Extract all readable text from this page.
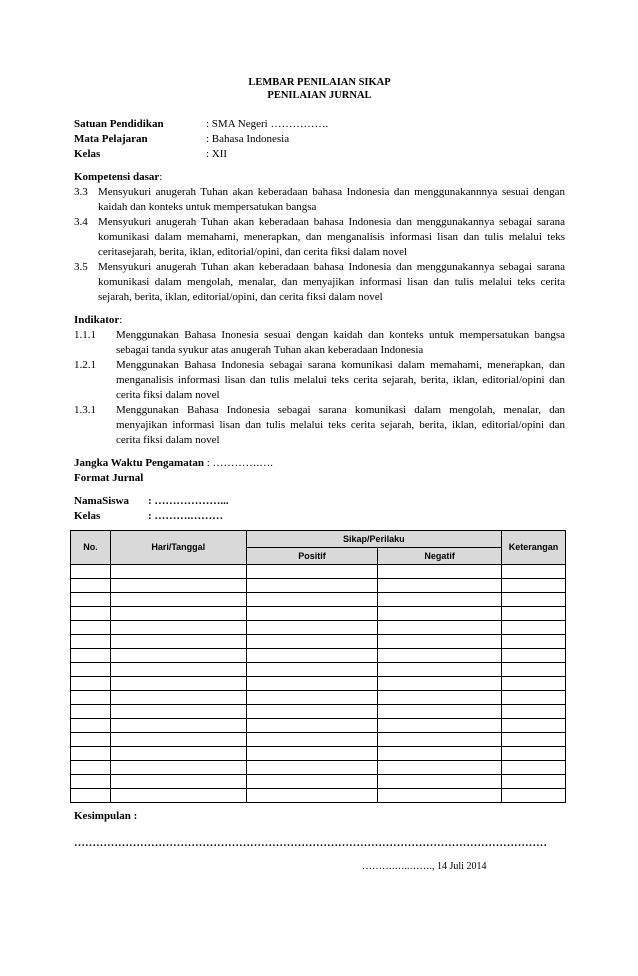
LEMBAR PENILAIAN SIKAP
PENILAIAN JURNAL
Satuan Pendidikan	: SMA Negeri …………….
Mata Pelajaran	: Bahasa Indonesia
Kelas	: XII
Kompetensi dasar:
3.3 Mensyukuri anugerah Tuhan akan keberadaan bahasa Indonesia dan menggunakannnya sesuai dengan kaidah dan konteks untuk mempersatukan bangsa
3.4 Mensyukuri anugerah Tuhan akan keberadaan bahasa Indonesia dan menggunakannya sebagai sarana komunikasi dalam memahami, menerapkan, dan menganalisis informasi lisan dan tulis melalui teks ceritasejarah, berita, iklan, editorial/opini, dan cerita fiksi dalam novel
3.5 Mensyukuri anugerah Tuhan akan keberadaan bahasa Indonesia dan menggunakannya sebagai sarana komunikasi dalam mengolah, menalar, dan menyajikan informasi lisan dan tulis melalui teks cerita sejarah, berita, iklan, editorial/opini, dan cerita fiksi dalam novel
Indikator:
1.1.1	Menggunakan Bahasa Inonesia sesuai dengan kaidah dan konteks untuk mempersatukan bangsa sebagai tanda syukur atas anugerah Tuhan akan keberadaan Indonesia
1.2.1	Menggunakan Bahasa Indonesia sebagai sarana komunikasi dalam memahami, menerapkan, dan menganalisis informasi lisan dan tulis melalui teks cerita sejarah, berita, iklan, editorial/opini dan cerita fiksi dalam novel
1.3.1	Menggunakan Bahasa Indonesia sebagai sarana komunikasi dalam mengolah, menalar, dan menyajikan informasi lisan dan tulis melalui teks cerita sejarah, berita, iklan, editorial/opini dan cerita fiksi dalam novel
Jangka Waktu Pengamatan : ………….….
Format Jurnal
NamaSiswa	: ………………...
Kelas	: ……….………
No.	Hari/Tanggal	Sikap/Perilaku		Keterangan
		Positif	Negatif	

Kesimpulan :
…………………………………………………………………………………………………………………
……….…..……., 14 Juli 2014
